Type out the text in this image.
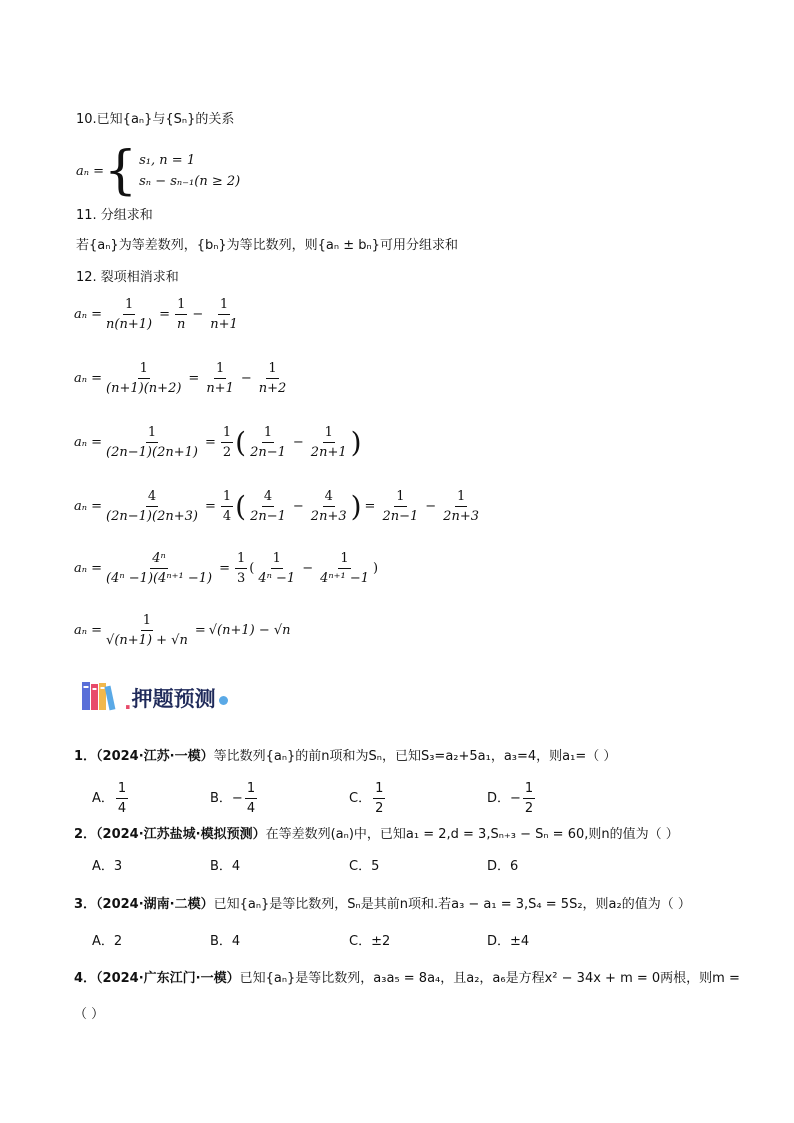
10.已知{aₙ}与{Sₙ}的关系
aₙ = { s₁, n = 1
sₙ − sₙ₋₁(n ≥ 2)
11. 分组求和
若{aₙ}为等差数列，{bₙ}为等比数列，则{aₙ ± bₙ}可用分组求和
12. 裂项相消求和
$a_n = \frac{1}{n(n+1)} = \frac{1}{n} - \frac{1}{n+1}$
$a_n = \frac{1}{(n+1)(n+2)} = \frac{1}{n+1} - \frac{1}{n+2}$
$a_n = \frac{1}{(2n-1)(2n+1)} = \frac{1}{2}$ ( $\frac{1}{2n-1} - \frac{1}{2n+1}$ )
$a_n = \frac{4}{(2n-1)(2n+3)} = \frac{1}{4}$ ( $\frac{4}{2n-1} - \frac{4}{2n+3}$ ) = $\frac{1}{2n-1} - \frac{1}{2n+3}$
$a_n = \frac{\text{4ⁿ}}{\text{(4ⁿ −1)(4ⁿ⁺¹ −1)}} = \frac{1}{3}$ ( $\frac{1}{\text{4ⁿ −1}} - \frac{1}{\text{4ⁿ⁺¹ −1}}$ )
$a_n = \frac{1}{√(n+1) + √n} = √(n+1) - √n$
. 押题预测
1．（2024·江苏·一模）等比数列{aₙ}的前n项和为Sₙ，已知S₃=a₂+5a₁，a₃=4，则a₁=（ ）
A． $\frac{1}{4}$	B．− $\frac{1}{4}$	C． $\frac{1}{2}$	D．− $\frac{1}{2}$
2．（2024·江苏盐城·模拟预测）在等差数列(aₙ)中，已知a₁ = 2,d = 3,Sₙ₊₃ − Sₙ = 60,则n的值为（ ）
A．3	B．4	C．5	D．6
3．（2024·湖南·二模）已知{aₙ}是等比数列，Sₙ是其前n项和.若a₃ − a₁ = 3,S₄ = 5S₂，则a₂的值为（ ）
A．2	B．4	C．±2	D．±4
4．（2024·广东江门·一模）已知{aₙ}是等比数列，a₃a₅ = 8a₄，且a₂，a₆是方程x² − 34x + m = 0两根，则m =
（ ）
